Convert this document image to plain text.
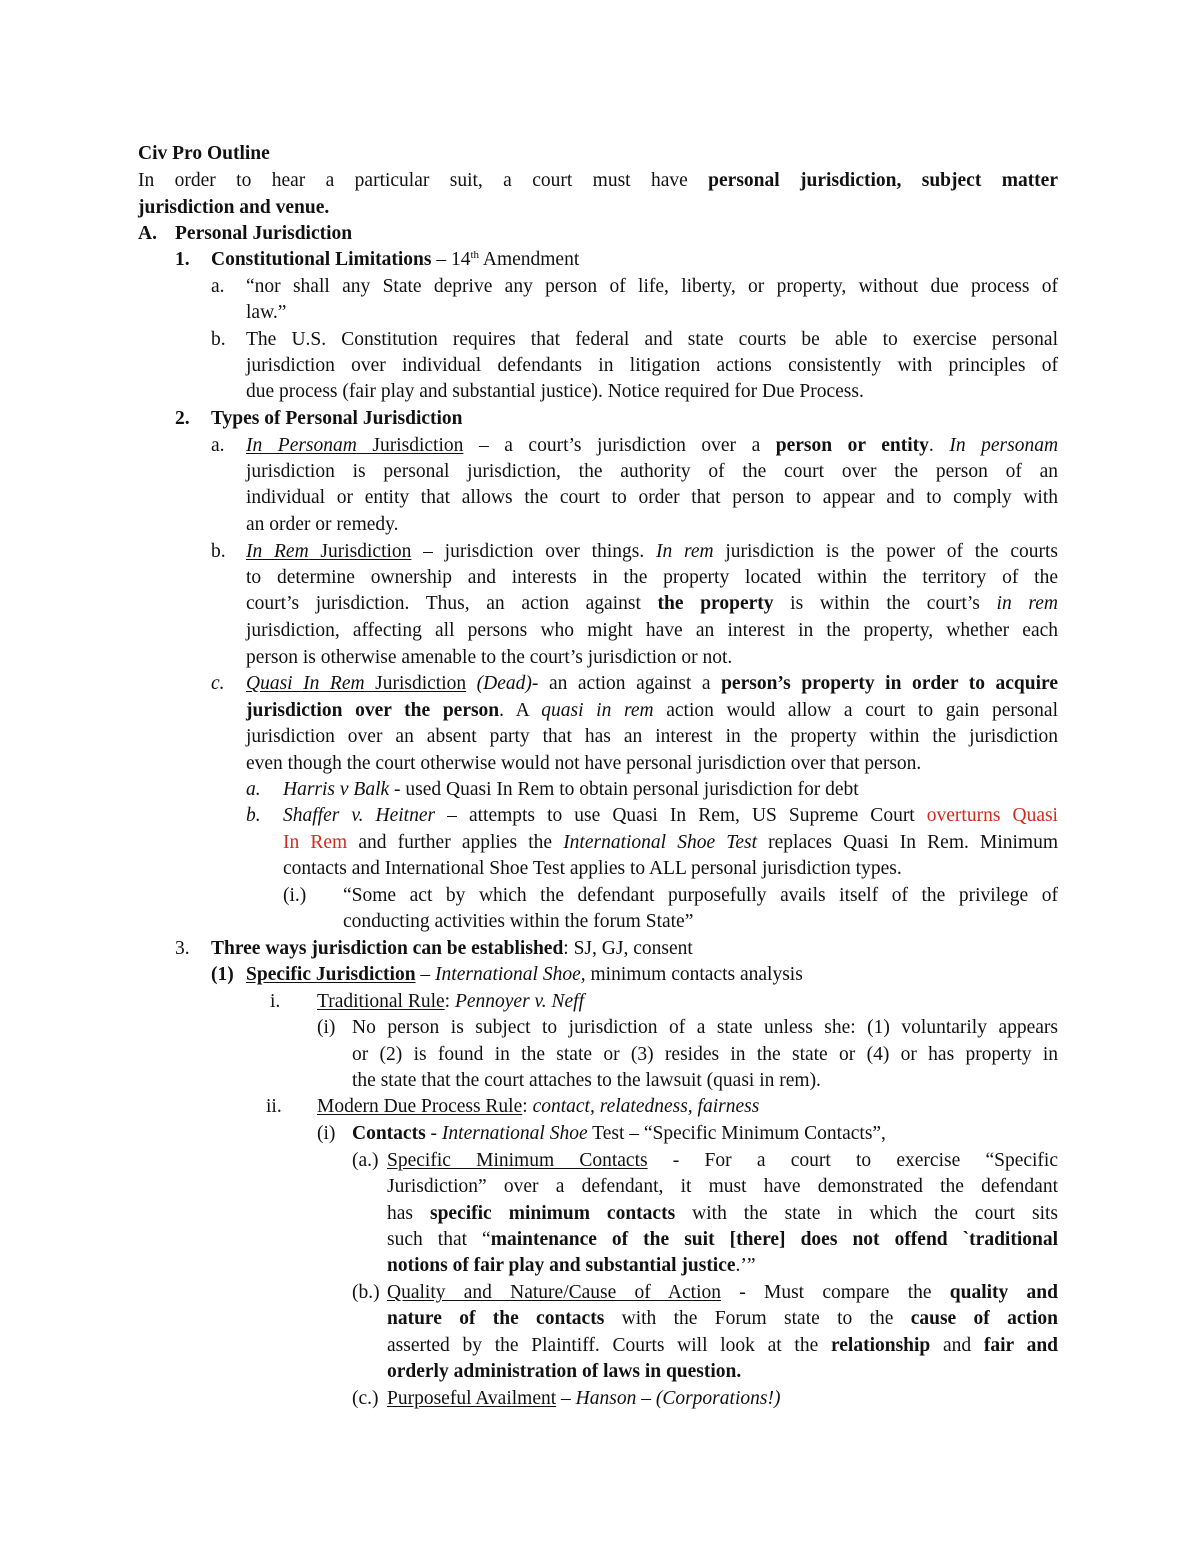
Civ Pro Outline
In order to hear a particular suit, a court must have personal jurisdiction, subject matter
jurisdiction and venue.
A. Personal Jurisdiction
1. Constitutional Limitations – 14th Amendment
a. “nor shall any State deprive any person of life, liberty, or property, without due process of
law.”
b. The U.S. Constitution requires that federal and state courts be able to exercise personal
jurisdiction over individual defendants in litigation actions consistently with principles of
due process (fair play and substantial justice). Notice required for Due Process.
2. Types of Personal Jurisdiction
a. In Personam Jurisdiction – a court’s jurisdiction over a person or entity. In personam
jurisdiction is personal jurisdiction, the authority of the court over the person of an
individual or entity that allows the court to order that person to appear and to comply with
an order or remedy.
b. In Rem Jurisdiction – jurisdiction over things. In rem jurisdiction is the power of the courts
to determine ownership and interests in the property located within the territory of the
court’s jurisdiction. Thus, an action against the property is within the court’s in rem
jurisdiction, affecting all persons who might have an interest in the property, whether each
person is otherwise amenable to the court’s jurisdiction or not.
c. Quasi In Rem Jurisdiction (Dead)- an action against a person’s property in order to acquire
jurisdiction over the person. A quasi in rem action would allow a court to gain personal
jurisdiction over an absent party that has an interest in the property within the jurisdiction
even though the court otherwise would not have personal jurisdiction over that person.
a. Harris v Balk - used Quasi In Rem to obtain personal jurisdiction for debt
b. Shaffer v. Heitner – attempts to use Quasi In Rem, US Supreme Court overturns Quasi
In Rem and further applies the International Shoe Test replaces Quasi In Rem. Minimum
contacts and International Shoe Test applies to ALL personal jurisdiction types.
(i.) “Some act by which the defendant purposefully avails itself of the privilege of
conducting activities within the forum State”
3. Three ways jurisdiction can be established: SJ, GJ, consent
(1) Specific Jurisdiction – International Shoe, minimum contacts analysis
i. Traditional Rule: Pennoyer v. Neff
(i) No person is subject to jurisdiction of a state unless she: (1) voluntarily appears
or (2) is found in the state or (3) resides in the state or (4) or has property in
the state that the court attaches to the lawsuit (quasi in rem).
ii. Modern Due Process Rule: contact, relatedness, fairness
(i) Contacts - International Shoe Test – “Specific Minimum Contacts”,
(a.) Specific Minimum Contacts - For a court to exercise “Specific
Jurisdiction” over a defendant, it must have demonstrated the defendant
has specific minimum contacts with the state in which the court sits
such that “maintenance of the suit [there] does not offend `traditional
notions of fair play and substantial justice.’”
(b.) Quality and Nature/Cause of Action - Must compare the quality and
nature of the contacts with the Forum state to the cause of action
asserted by the Plaintiff. Courts will look at the relationship and fair and
orderly administration of laws in question.
(c.) Purposeful Availment – Hanson – (Corporations!)
